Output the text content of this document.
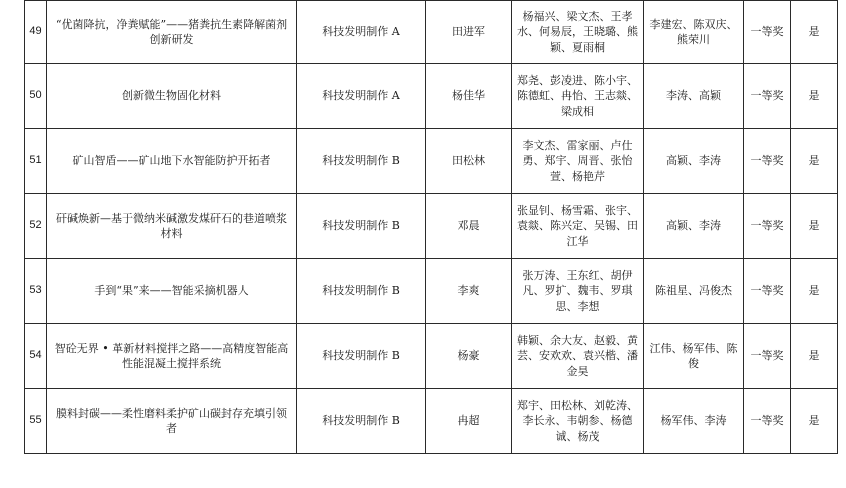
49	“优菌降抗，净粪赋能”——猪粪抗生素降解菌剂创新研发	科技发明制作 A	田进军	杨福兴、梁文杰、王孝水、何易辰，王晓璐、熊颖、夏雨桐	李建宏、陈双庆、熊荣川	一等奖	是
50	创新微生物固化材料	科技发明制作 A	杨佳华	郑尧、彭凌进、陈小宇、陈德虹、冉怡、王志燚、梁成相	李涛、高颖	一等奖	是
51	矿山智盾——矿山地下水智能防护开拓者	科技发明制作 B	田松林	李文杰、雷家丽、卢仕勇、郑宇、周晋、张怡萱、杨艳芹	高颖、李涛	一等奖	是
52	矸碱焕新—基于微纳米碱激发煤矸石的巷道喷浆材料	科技发明制作 B	邓晨	张显钊、杨雪霜、张宇、袁燚、陈兴定、吴锡、田江华	高颖、李涛	一等奖	是
53	手到“果”来——智能采摘机器人	科技发明制作 B	李爽	张万涛、王东红、胡伊凡、罗扩、魏韦、罗琪思、李想	陈祖星、冯俊杰	一等奖	是
54	智砼无界 • 革新材料搅拌之路——高精度智能高性能混凝土搅拌系统	科技发明制作 B	杨豪	韩颖、余大友、赵毅、黄芸、安欢欢、袁兴楷、潘金昊	江伟、杨军伟、陈俊	一等奖	是
55	膜料封碳——柔性磨料柔护矿山碳封存充填引领者	科技发明制作 B	冉超	郑宇、田松林、刘乾涛、李长永、韦朝参、杨德诚、杨茂	杨军伟、李涛	一等奖	是
